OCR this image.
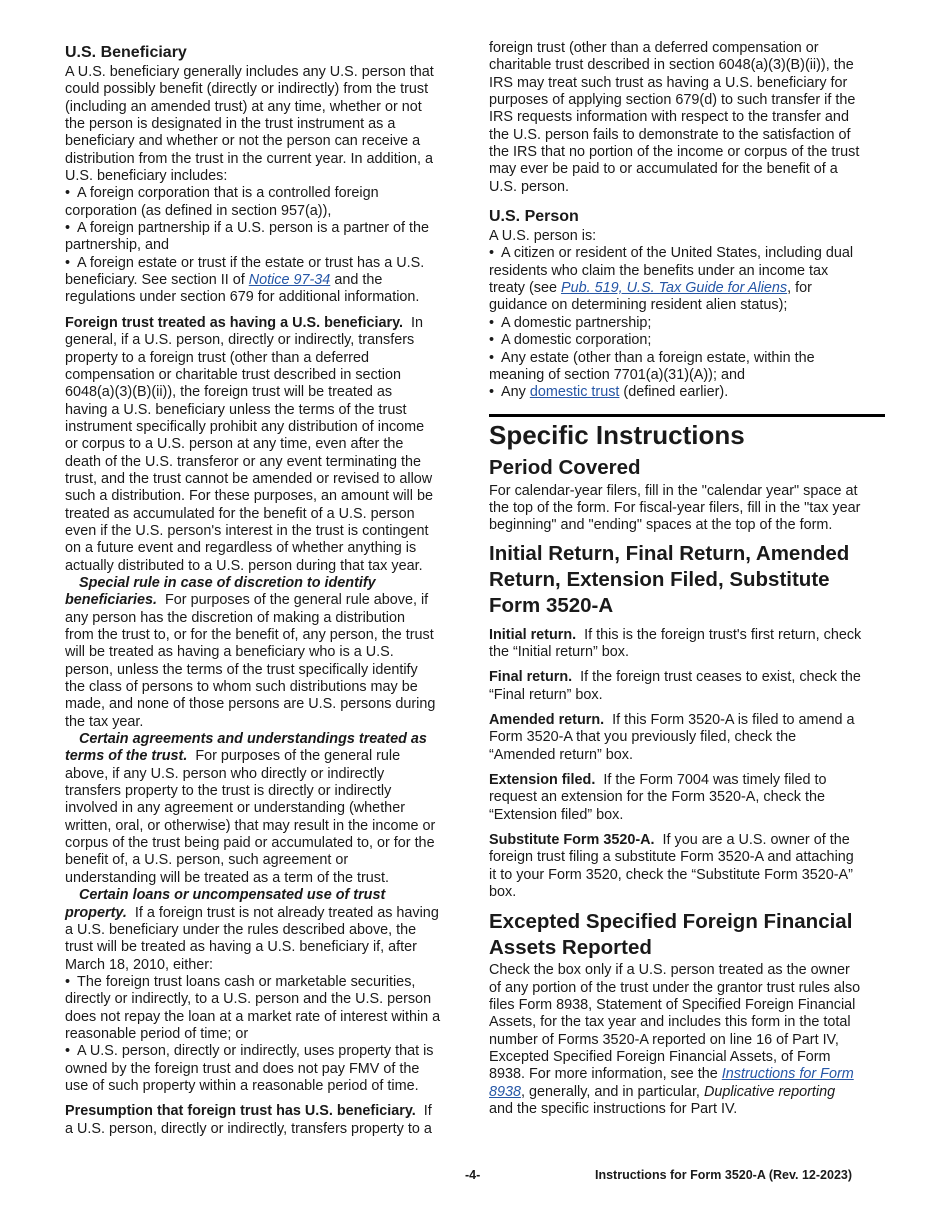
U.S. Beneficiary
A U.S. beneficiary generally includes any U.S. person that
could possibly benefit (directly or indirectly) from the trust
(including an amended trust) at any time, whether or not
the person is designated in the trust instrument as a
beneficiary and whether or not the person can receive a
distribution from the trust in the current year. In addition, a
U.S. beneficiary includes:
• A foreign corporation that is a controlled foreign
corporation (as defined in section 957(a)),
• A foreign partnership if a U.S. person is a partner of the
partnership, and
• A foreign estate or trust if the estate or trust has a U.S.
beneficiary. See section II of Notice 97-34 and the
regulations under section 679 for additional information.
Foreign trust treated as having a U.S. beneficiary. In
general, if a U.S. person, directly or indirectly, transfers
property to a foreign trust (other than a deferred
compensation or charitable trust described in section
6048(a)(3)(B)(ii)), the foreign trust will be treated as
having a U.S. beneficiary unless the terms of the trust
instrument specifically prohibit any distribution of income
or corpus to a U.S. person at any time, even after the
death of the U.S. transferor or any event terminating the
trust, and the trust cannot be amended or revised to allow
such a distribution. For these purposes, an amount will be
treated as accumulated for the benefit of a U.S. person
even if the U.S. person's interest in the trust is contingent
on a future event and regardless of whether anything is
actually distributed to a U.S. person during that tax year.
Special rule in case of discretion to identify
beneficiaries. For purposes of the general rule above, if
any person has the discretion of making a distribution
from the trust to, or for the benefit of, any person, the trust
will be treated as having a beneficiary who is a U.S.
person, unless the terms of the trust specifically identify
the class of persons to whom such distributions may be
made, and none of those persons are U.S. persons during
the tax year.
Certain agreements and understandings treated as
terms of the trust. For purposes of the general rule
above, if any U.S. person who directly or indirectly
transfers property to the trust is directly or indirectly
involved in any agreement or understanding (whether
written, oral, or otherwise) that may result in the income or
corpus of the trust being paid or accumulated to, or for the
benefit of, a U.S. person, such agreement or
understanding will be treated as a term of the trust.
Certain loans or uncompensated use of trust
property. If a foreign trust is not already treated as having
a U.S. beneficiary under the rules described above, the
trust will be treated as having a U.S. beneficiary if, after
March 18, 2010, either:
• The foreign trust loans cash or marketable securities,
directly or indirectly, to a U.S. person and the U.S. person
does not repay the loan at a market rate of interest within a
reasonable period of time; or
• A U.S. person, directly or indirectly, uses property that is
owned by the foreign trust and does not pay FMV of the
use of such property within a reasonable period of time.
Presumption that foreign trust has U.S. beneficiary. If
a U.S. person, directly or indirectly, transfers property to a
foreign trust (other than a deferred compensation or
charitable trust described in section 6048(a)(3)(B)(ii)), the
IRS may treat such trust as having a U.S. beneficiary for
purposes of applying section 679(d) to such transfer if the
IRS requests information with respect to the transfer and
the U.S. person fails to demonstrate to the satisfaction of
the IRS that no portion of the income or corpus of the trust
may ever be paid to or accumulated for the benefit of a
U.S. person.
U.S. Person
A U.S. person is:
• A citizen or resident of the United States, including dual
residents who claim the benefits under an income tax
treaty (see Pub. 519, U.S. Tax Guide for Aliens, for
guidance on determining resident alien status);
• A domestic partnership;
• A domestic corporation;
• Any estate (other than a foreign estate, within the
meaning of section 7701(a)(31)(A)); and
• Any domestic trust (defined earlier).
Specific Instructions
Period Covered
For calendar-year filers, fill in the "calendar year" space at
the top of the form. For fiscal-year filers, fill in the "tax year
beginning" and "ending" spaces at the top of the form.
Initial Return, Final Return, Amended
Return, Extension Filed, Substitute
Form 3520-A
Initial return. If this is the foreign trust's first return, check
the “Initial return” box.
Final return. If the foreign trust ceases to exist, check the
“Final return” box.
Amended return. If this Form 3520-A is filed to amend a
Form 3520-A that you previously filed, check the
“Amended return” box.
Extension filed. If the Form 7004 was timely filed to
request an extension for the Form 3520-A, check the
“Extension filed” box.
Substitute Form 3520-A. If you are a U.S. owner of the
foreign trust filing a substitute Form 3520-A and attaching
it to your Form 3520, check the “Substitute Form 3520-A”
box.
Excepted Specified Foreign Financial
Assets Reported
Check the box only if a U.S. person treated as the owner
of any portion of the trust under the grantor trust rules also
files Form 8938, Statement of Specified Foreign Financial
Assets, for the tax year and includes this form in the total
number of Forms 3520-A reported on line 16 of Part IV,
Excepted Specified Foreign Financial Assets, of Form
8938. For more information, see the Instructions for Form
8938, generally, and in particular, Duplicative reporting
and the specific instructions for Part IV.
-4-	Instructions for Form 3520-A (Rev. 12-2023)
